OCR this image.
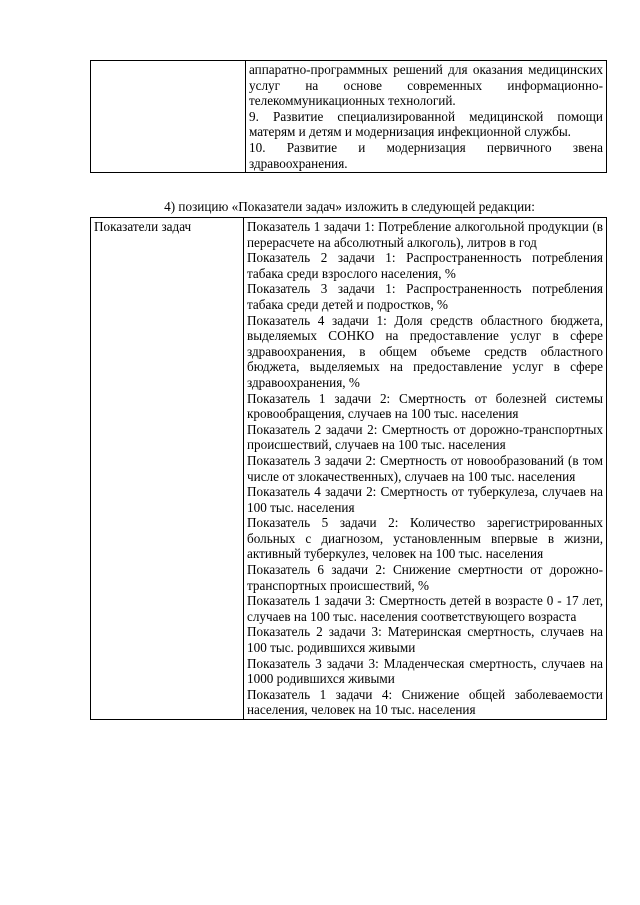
аппаратно-программных решений для оказания медицинских услуг на основе современных информационно-телекоммуникационных технологий.
9. Развитие специализированной медицинской помощи матерям и детям и модернизация инфекционной службы.
10. Развитие и модернизация первичного звена здравоохранения.
4) позицию «Показатели задач» изложить в следующей редакции:
Показатели задач	Показатель 1 задачи 1: Потребление алкогольной продукции (в перерасчете на абсолютный алкоголь), литров в год
Показатель 2 задачи 1: Распространенность потребления табака среди взрослого населения, %
Показатель 3 задачи 1: Распространенность потребления табака среди детей и подростков, %
Показатель 4 задачи 1: Доля средств областного бюджета, выделяемых СОНКО на предоставление услуг в сфере здравоохранения, в общем объеме средств областного бюджета, выделяемых на предоставление услуг в сфере здравоохранения, %
Показатель 1 задачи 2: Смертность от болезней системы кровообращения, случаев на 100 тыс. населения
Показатель 2 задачи 2: Смертность от дорожно-транспортных происшествий, случаев на 100 тыс. населения
Показатель 3 задачи 2: Смертность от новообразований (в том числе от злокачественных), случаев на 100 тыс. населения
Показатель 4 задачи 2: Смертность от туберкулеза, случаев на 100 тыс. населения
Показатель 5 задачи 2: Количество зарегистрированных больных с диагнозом, установленным впервые в жизни, активный туберкулез, человек на 100 тыс. населения
Показатель 6 задачи 2: Снижение смертности от дорожно-транспортных происшествий, %
Показатель 1 задачи 3: Смертность детей в возрасте 0 - 17 лет, случаев на 100 тыс. населения соответствующего возраста
Показатель 2 задачи 3: Материнская смертность, случаев на 100 тыс. родившихся живыми
Показатель 3 задачи 3: Младенческая смертность, случаев на 1000 родившихся живыми
Показатель 1 задачи 4: Снижение общей заболеваемости населения, человек на 10 тыс. населения
